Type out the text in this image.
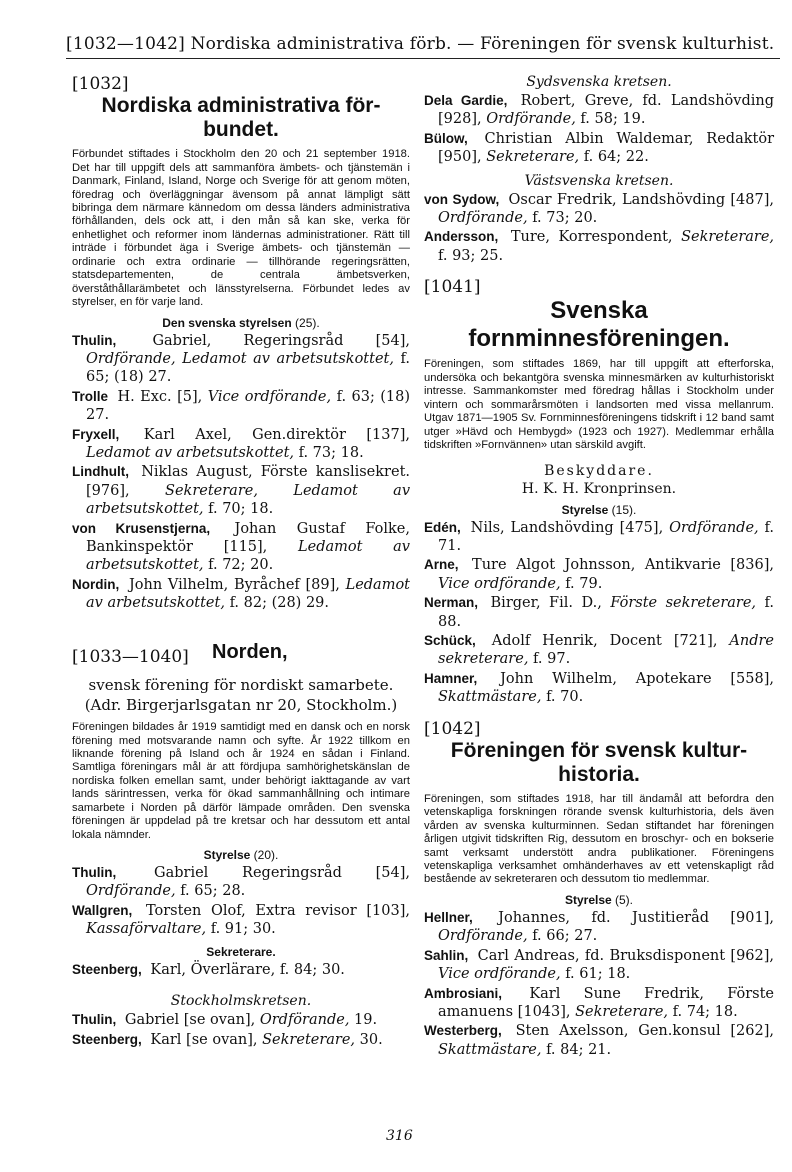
[1032—1042] Nordiska administrativa förb. — Föreningen för svensk kulturhist.
[1032]
Nordiska administrativa för-
bundet.
Förbundet stiftades i Stockholm den 20 och 21 september 1918. Det har till uppgift dels att sammanföra ämbets- och tjänstemän i Danmark, Finland, Island, Norge och Sverige för att genom möten, föredrag och överläggningar ävensom på annat lämpligt sätt bibringa dem närmare kännedom om dessa länders administrativa förhållanden, dels ock att, i den mån så kan ske, verka för enhetlighet och reformer inom ländernas administrationer. Rätt till inträde i förbundet äga i Sverige ämbets- och tjänstemän — ordinarie och extra ordinarie — tillhörande regeringsrätten, statsdepartementen, de centrala ämbetsverken, överståthållarämbetet och länsstyrelserna. Förbundet ledes av styrelser, en för varje land.
Den svenska styrelsen (25).
Thulin, Gabriel, Regeringsråd [54], Ordförande, Ledamot av arbetsutskottet, f. 65; (18) 27.
Trolle H. Exc. [5], Vice ordförande, f. 63; (18) 27.
Fryxell, Karl Axel, Gen.direktör [137], Ledamot av arbetsutskottet, f. 73; 18.
Lindhult, Niklas August, Förste kanslisekret. [976], Sekreterare, Ledamot av arbetsutskottet, f. 70; 18.
von Krusenstjerna, Johan Gustaf Folke, Bankinspektör [115], Ledamot av arbetsutskottet, f. 72; 20.
Nordin, John Vilhelm, Byråchef [89], Ledamot av arbetsutskottet, f. 82; (28) 29.
[1033—1040] Norden,
svensk förening för nordiskt samarbete.
(Adr. Birgerjarlsgatan nr 20, Stockholm.)
Föreningen bildades år 1919 samtidigt med en dansk och en norsk förening med motsvarande namn och syfte. År 1922 tillkom en liknande förening på Island och år 1924 en sådan i Finland. Samtliga föreningars mål är att fördjupa samhörighetskänslan de nordiska folken emellan samt, under behörigt iakttagande av vart lands särintressen, verka för ökad sammanhållning och intimare samarbete i Norden på därför lämpade områden. Den svenska föreningen är uppdelad på tre kretsar och har dessutom ett antal lokala nämnder.
Styrelse (20).
Thulin,	Gabriel Regeringsråd [54], Ordförande, f. 65; 28.
Wallgren, Torsten Olof, Extra revisor [103], Kassaförvaltare, f. 91; 30.
Sekreterare.
Steenberg, Karl, Överlärare, f. 84; 30.
Stockholmskretsen.
Thulin, Gabriel [se ovan], Ordförande, 19.
Steenberg, Karl [se ovan], Sekreterare, 30.
Sydsvenska kretsen.
Dela Gardie, Robert, Greve, fd. Landshövding [928], Ordförande, f. 58; 19.
Bülow, Christian Albin Waldemar, Redaktör [950], Sekreterare, f. 64; 22.
Västsvenska kretsen.
von Sydow, Oscar Fredrik, Landshövding [487], Ordförande, f. 73; 20.
Andersson, Ture, Korrespondent, Sekreterare, f. 93; 25.
[1041]
Svenska fornminnesföreningen.
Föreningen, som stiftades 1869, har till uppgift att efterforska, undersöka och bekantgöra svenska minnesmärken av kulturhistoriskt intresse. Sammankomster med föredrag hållas i Stockholm under vintern och sommarårsmöten i landsorten med vissa mellanrum. Utgav 1871—1905 Sv. Fornminnesföreningens tidskrift i 12 band samt utger »Hävd och Hembygd» (1923 och 1927). Medlemmar erhålla tidskriften »Fornvännen» utan särskild avgift.
Beskyddare.
H. K. H. Kronprinsen.
Styrelse (15).
Edén, Nils, Landshövding [475], Ordförande, f. 71.
Arne, Ture Algot Johnsson, Antikvarie [836], Vice ordförande, f. 79.
Nerman, Birger, Fil. D., Förste sekreterare, f. 88.
Schück, Adolf Henrik, Docent [721], Andre sekreterare, f. 97.
Hamner, John Wilhelm, Apotekare [558], Skattmästare, f. 70.
[1042]
Föreningen för svensk kultur-
historia.
Föreningen, som stiftades 1918, har till ändamål att befordra den vetenskapliga forskningen rörande svensk kulturhistoria, dels även vården av svenska kulturminnen. Sedan stiftandet har föreningen årligen utgivit tidskriften Rig, dessutom en broschyr- och en bokserie samt verksamt understött andra publikationer. Föreningens vetenskapliga verksamhet omhänderhaves av ett vetenskapligt råd bestående av sekreteraren och dessutom tio medlemmar.
Styrelse (5).
Hellner, Johannes, fd. Justitieråd [901], Ordförande, f. 66; 27.
Sahlin, Carl Andreas, fd. Bruksdisponent [962], Vice ordförande, f. 61; 18.
Ambrosiani, Karl Sune Fredrik, Förste amanuens [1043], Sekreterare, f. 74; 18.
Westerberg, Sten Axelsson, Gen.konsul [262], Skattmästare, f. 84; 21.
316
